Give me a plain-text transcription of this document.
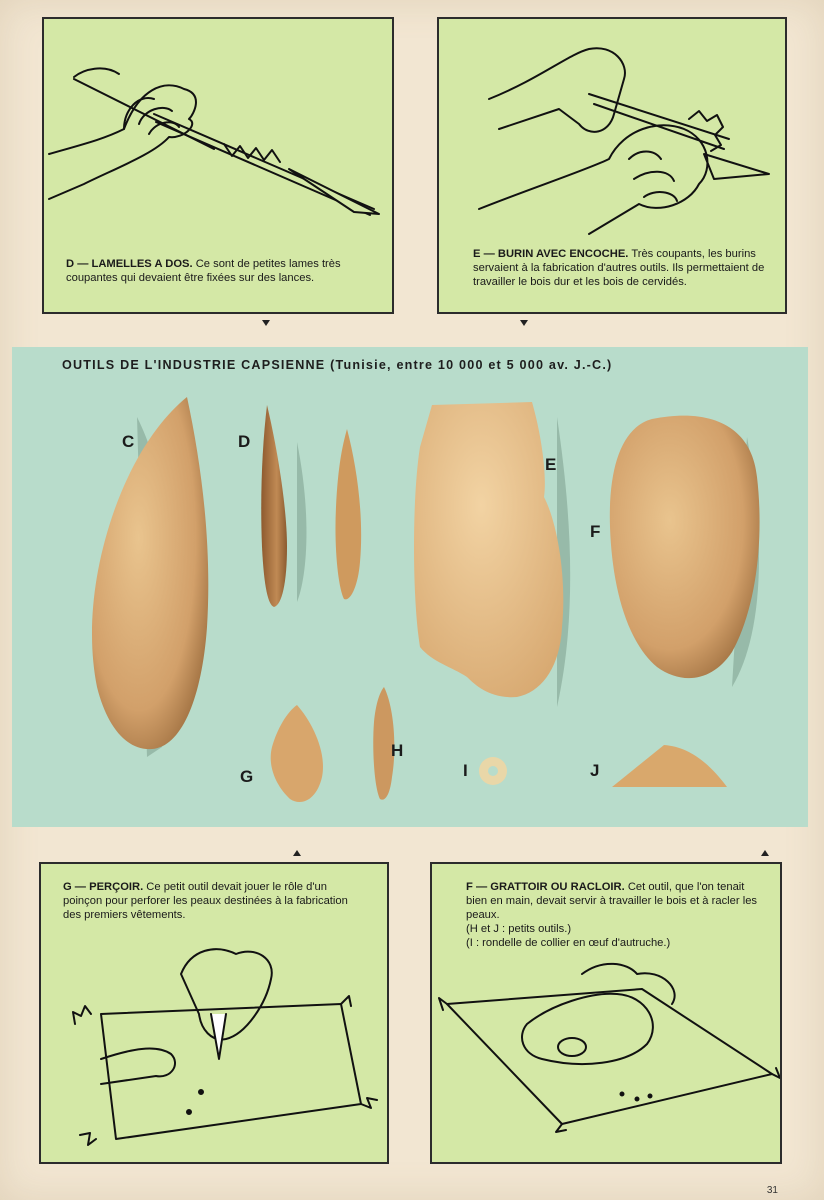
D — LAMELLES A DOS. Ce sont de petites lames très coupantes qui devaient être fixées sur des lances.
E — BURIN AVEC ENCOCHE. Très coupants, les burins servaient à la fabrication d'autres outils. Ils permettaient de travailler le bois dur et les bois de cervidés.
OUTILS DE L'INDUSTRIE CAPSIENNE (Tunisie, entre 10 000 et 5 000 av. J.-C.)
C	D
E
F
G
H
I	J
G — PERÇOIR. Ce petit outil devait jouer le rôle d'un poinçon pour perforer les peaux destinées à la fabrication des premiers vêtements.
F — GRATTOIR OU RACLOIR. Cet outil, que l'on tenait bien en main, devait servir à travailler le bois et à racler les peaux.
(H et J : petits outils.)
(I : rondelle de collier en œuf d'autruche.)
31
